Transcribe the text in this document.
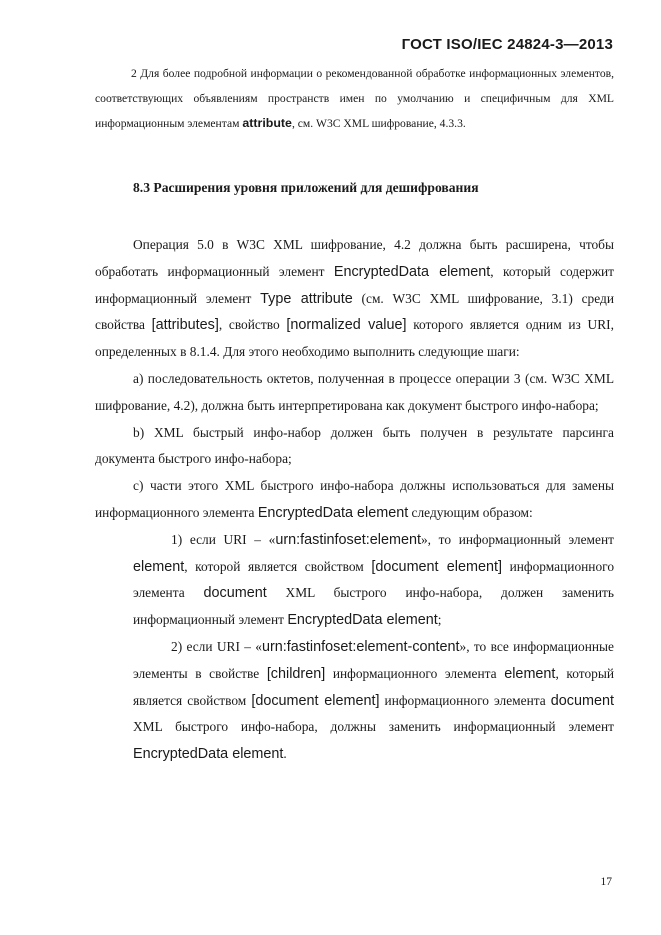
ГОСТ ISO/IEC 24824-3—2013
2 Для более подробной информации о рекомендованной обработке информационных элементов, соответствующих объявлениям пространств имен по умолчанию и специфичным для XML информационным элементам attribute, см. W3C XML шифрование, 4.3.3.
8.3 Расширения уровня приложений для дешифрования

Операция 5.0 в W3C XML шифрование, 4.2 должна быть расширена, чтобы обработать информационный элемент EncryptedData element, который содержит информационный элемент Type attribute (см. W3C XML шифрование, 3.1) среди свойства [attributes], свойство [normalized value] которого является одним из URI, определенных в 8.1.4. Для этого необходимо выполнить следующие шаги:

а) последовательность октетов, полученная в процессе операции 3 (см. W3C XML шифрование, 4.2), должна быть интерпретирована как документ быстрого инфо-набора;

b) XML быстрый инфо-набор должен быть получен в результате парсинга документа быстрого инфо-набора;

с) части этого XML быстрого инфо-набора должны использоваться для замены информационного элемента EncryptedData element следующим образом:

1) если URI – «urn:fastinfoset:element», то информационный элемент element, которой является свойством [document element] информационного элемента document XML быстрого инфо-набора, должен заменить информационный элемент EncryptedData element;

2) если URI – «urn:fastinfoset:element-content», то все информационные элементы в свойстве [children] информационного элемента element, который является свойством [document element] информационного элемента document XML быстрого инфо-набора, должны заменить информационный элемент EncryptedData element.

17
